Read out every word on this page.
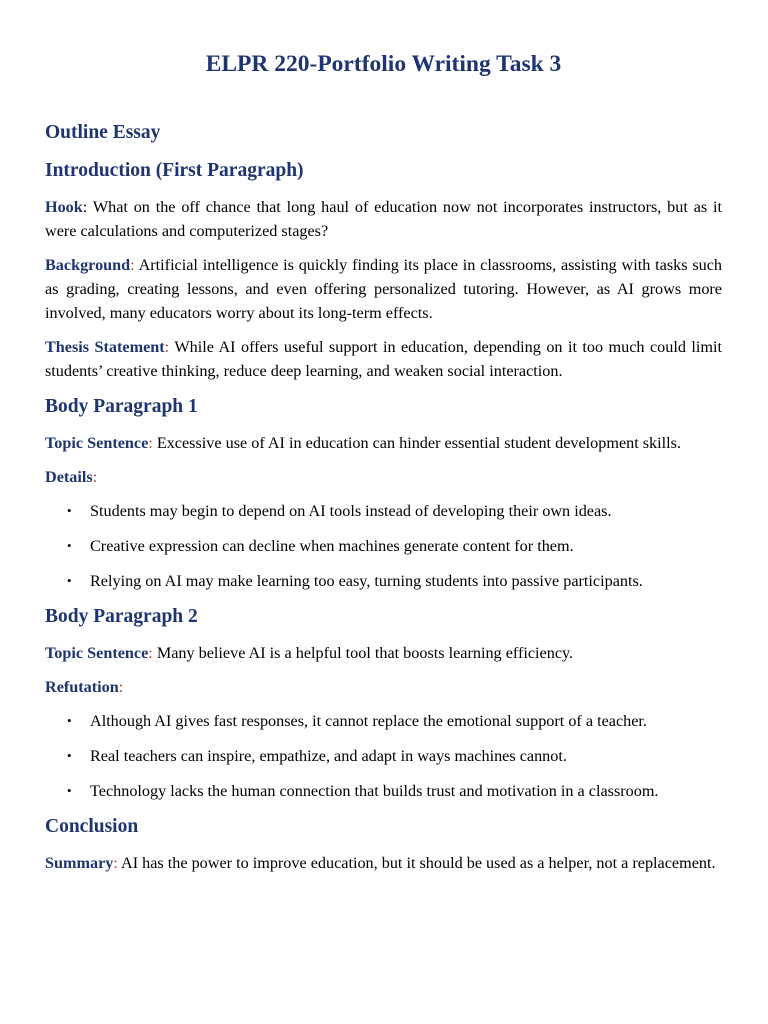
ELPR 220-Portfolio Writing Task 3
Outline Essay
Introduction (First Paragraph)

Hook: What on the off chance that long haul of education now not incorporates instructors, but as it were calculations and computerized stages?

Background: Artificial intelligence is quickly finding its place in classrooms, assisting with tasks such as grading, creating lessons, and even offering personalized tutoring. However, as AI grows more involved, many educators worry about its long-term effects.

Thesis Statement: While AI offers useful support in education, depending on it too much could limit students’ creative thinking, reduce deep learning, and weaken social interaction.

Body Paragraph 1

Topic Sentence: Excessive use of AI in education can hinder essential student development skills.

Details:

• Students may begin to depend on AI tools instead of developing their own ideas.
• Creative expression can decline when machines generate content for them.
• Relying on AI may make learning too easy, turning students into passive participants.
Body Paragraph 2

Topic Sentence: Many believe AI is a helpful tool that boosts learning efficiency.

Refutation:

• Although AI gives fast responses, it cannot replace the emotional support of a teacher.
• Real teachers can inspire, empathize, and adapt in ways machines cannot.
• Technology lacks the human connection that builds trust and motivation in a classroom.
Conclusion

Summary: AI has the power to improve education, but it should be used as a helper, not a replacement.
